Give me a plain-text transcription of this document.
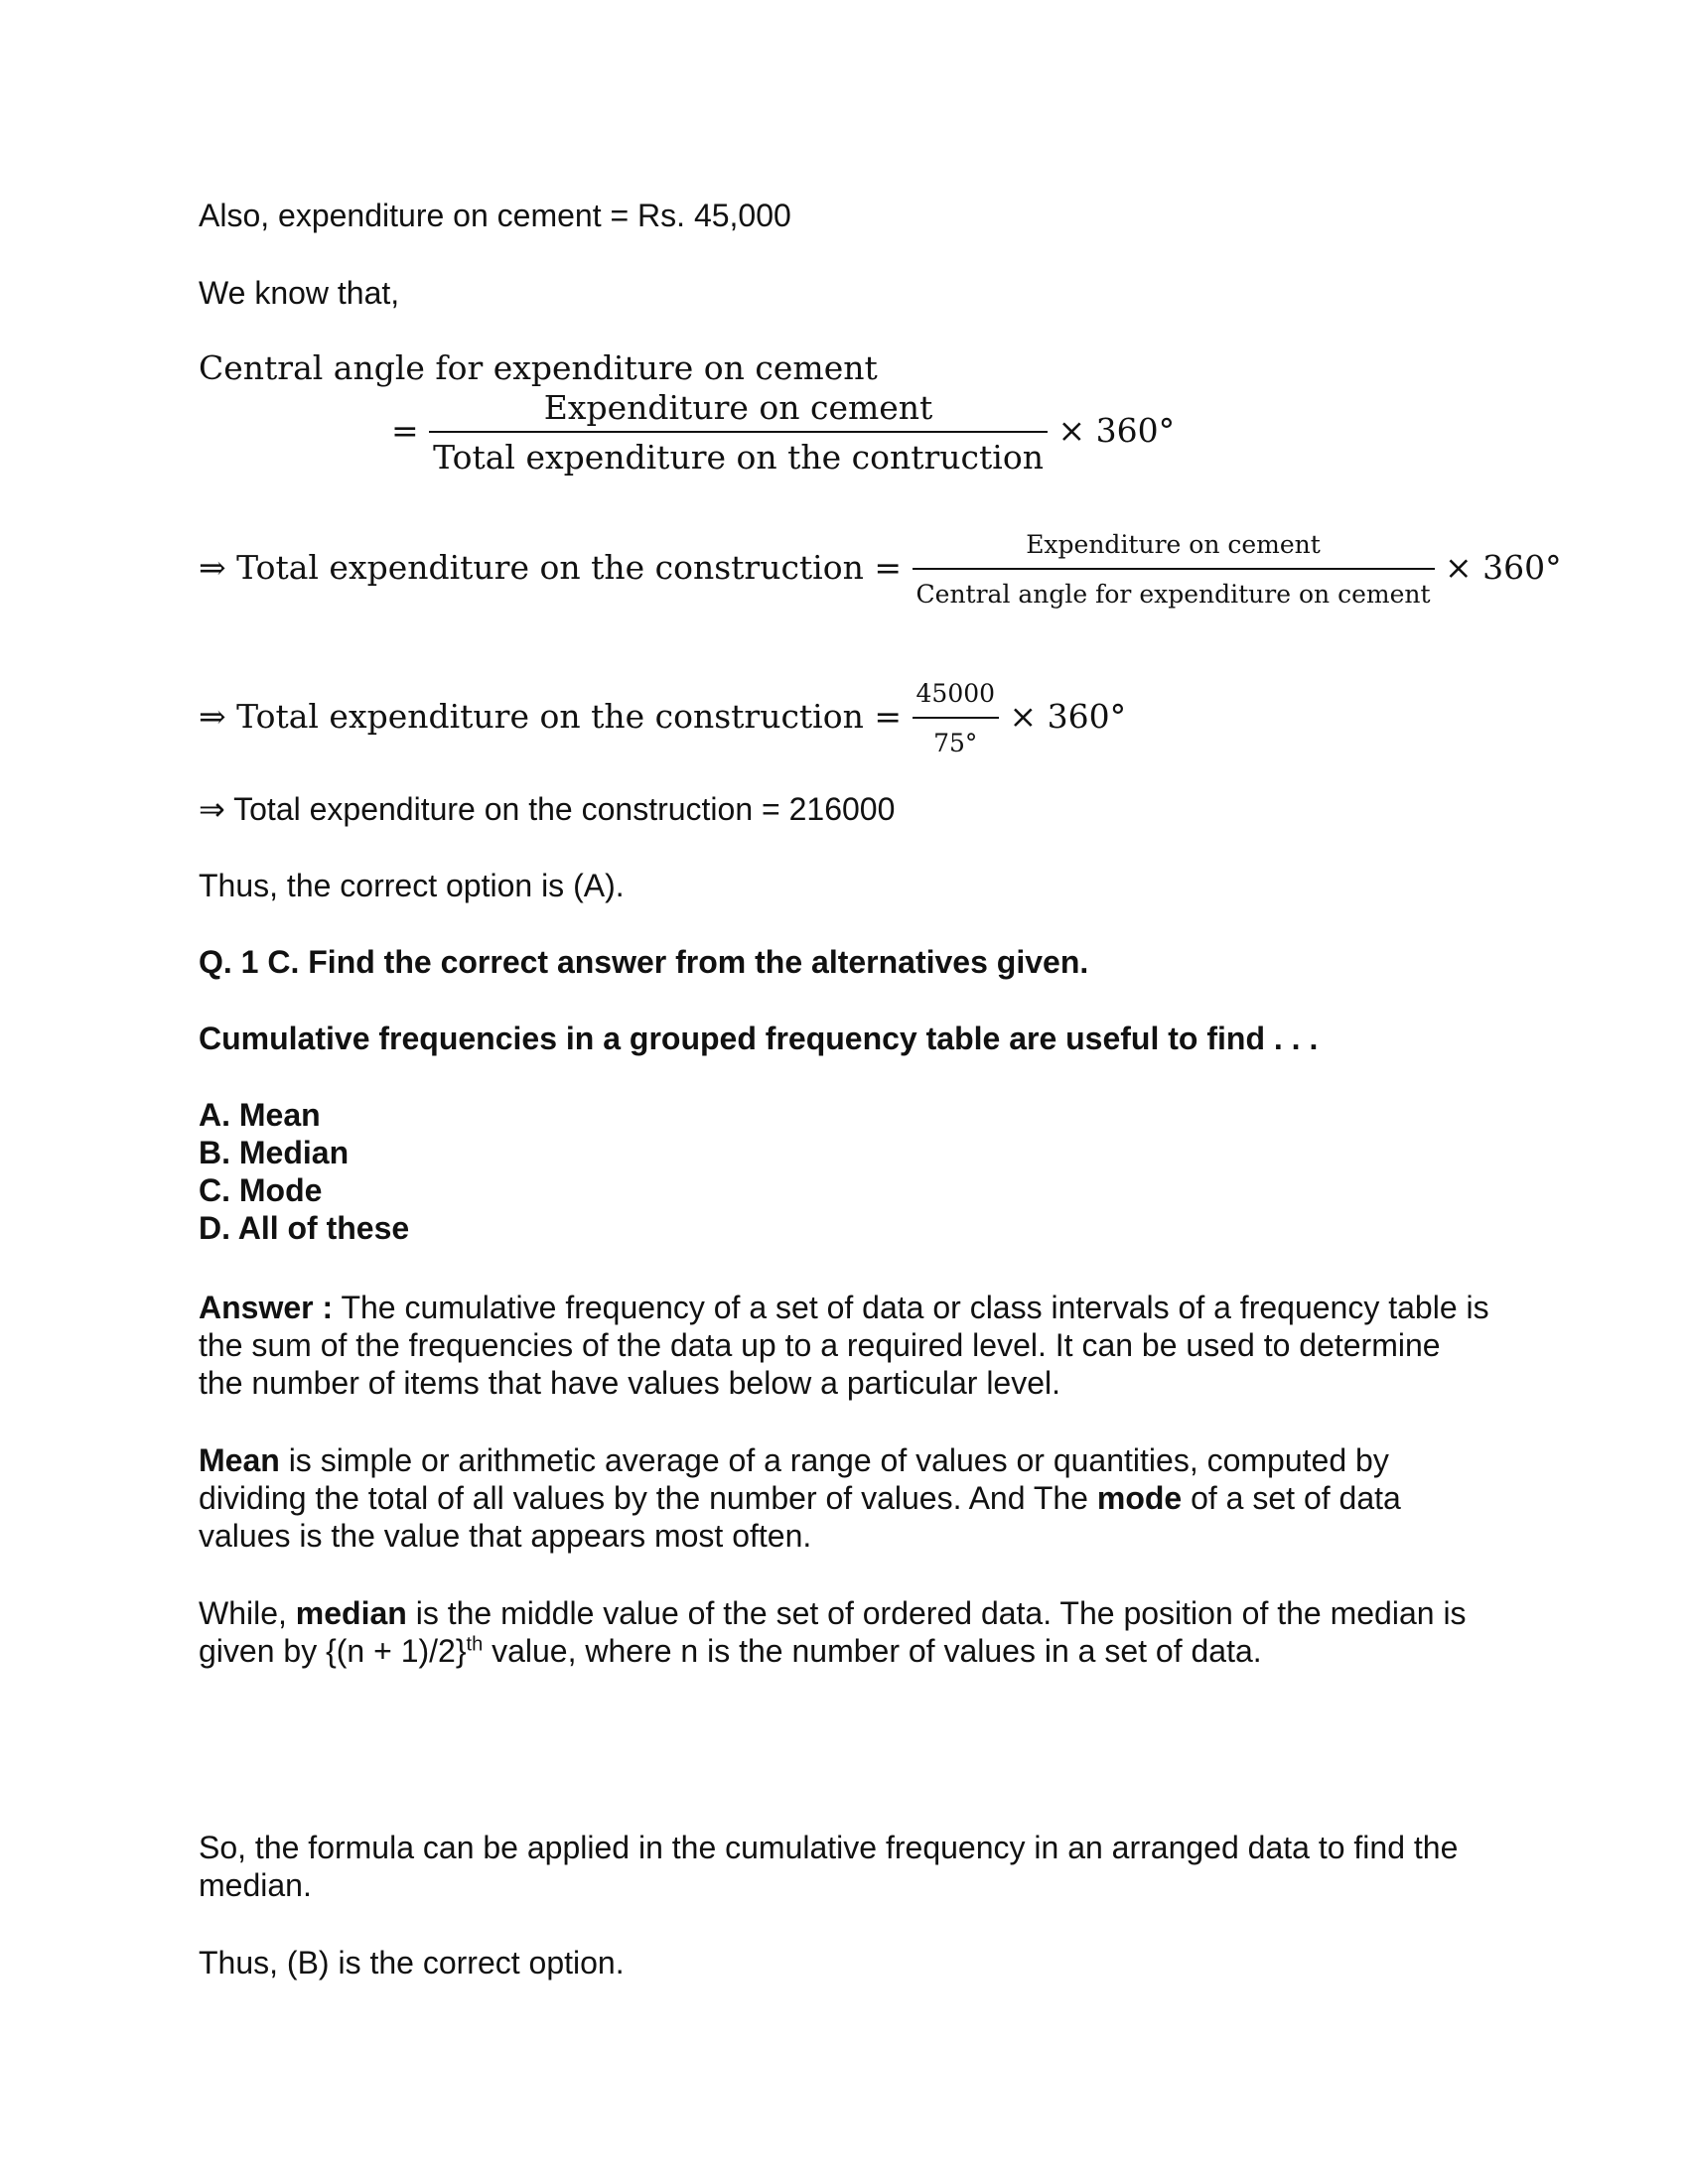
Also, expenditure on cement = Rs. 45,000

We know that,

Central angle for expenditure on cement
= $\frac{\text{Expenditure on cement}}{\text{Total expenditure on the contruction}} \times 360^\circ$
⇒ Total expenditure on the construction = $\frac{\text{Expenditure on cement}}{\text{Central angle for expenditure on cement}} \times 360^\circ$
⇒ Total expenditure on the construction = $\frac{45000}{75^\circ} \times 360^\circ$

⇒ Total expenditure on the construction = 216000

Thus, the correct option is (A).

Q. 1 C. Find the correct answer from the alternatives given.

Cumulative frequencies in a grouped frequency table are useful to find . . .

A. Mean
B. Median
C. Mode
D. All of these

Answer : The cumulative frequency of a set of data or class intervals of a frequency table is the sum of the frequencies of the data up to a required level. It can be used to determine the number of items that have values below a particular level.

Mean is simple or arithmetic average of a range of values or quantities, computed by dividing the total of all values by the number of values. And The mode of a set of data values is the value that appears most often.

While, median is the middle value of the set of ordered data. The position of the median is given by $\{(n + 1)/2\}^{th}$ value, where n is the number of values in a set of data.

So, the formula can be applied in the cumulative frequency in an arranged data to find the median.

Thus, (B) is the correct option.
